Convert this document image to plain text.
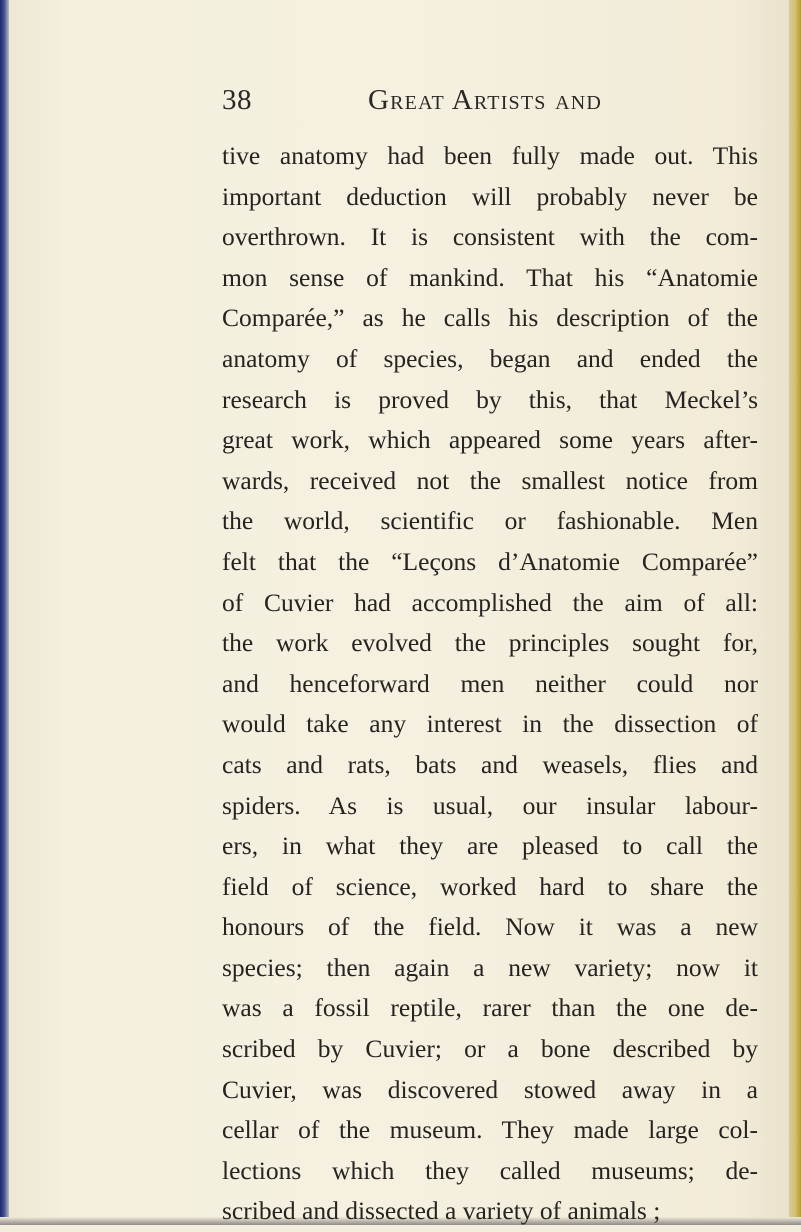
38	Great Artists and
tive anatomy had been fully made out. This
important deduction will probably never be
overthrown. It is consistent with the com-
mon sense of mankind. That his “Anatomie
Comparée,” as he calls his description of the
anatomy of species, began and ended the
research is proved by this, that Meckel’s
great work, which appeared some years after-
wards, received not the smallest notice from
the world, scientific or fashionable. Men
felt that the “Leçons d’Anatomie Comparée”
of Cuvier had accomplished the aim of all:
the work evolved the principles sought for,
and henceforward men neither could nor
would take any interest in the dissection of
cats and rats, bats and weasels, flies and
spiders. As is usual, our insular labour-
ers, in what they are pleased to call the
field of science, worked hard to share the
honours of the field. Now it was a new
species; then again a new variety; now it
was a fossil reptile, rarer than the one de-
scribed by Cuvier; or a bone described by
Cuvier, was discovered stowed away in a
cellar of the museum. They made large col-
lections which they called museums; de-
scribed and dissected a variety of animals ;
